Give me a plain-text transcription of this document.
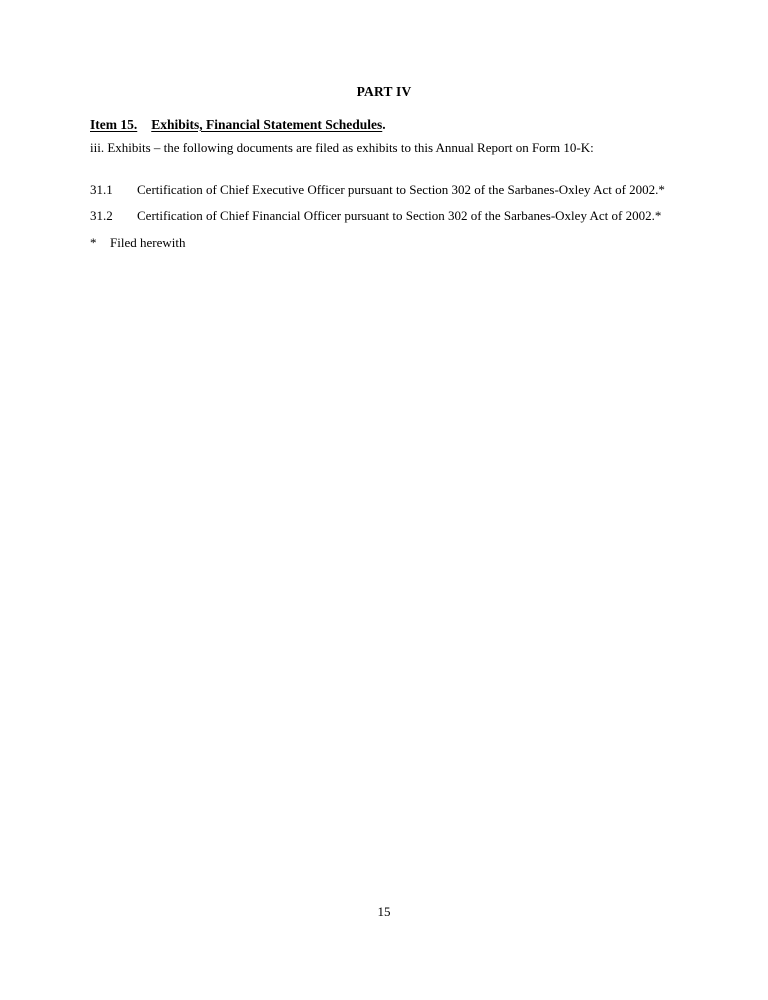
PART IV
Item 15. Exhibits, Financial Statement Schedules.

iii. Exhibits – the following documents are filed as exhibits to this Annual Report on Form 10-K:

31.1	Certification of Chief Executive Officer pursuant to Section 302 of the Sarbanes-Oxley Act of 2002.*
31.2	Certification of Chief Financial Officer pursuant to Section 302 of the Sarbanes-Oxley Act of 2002.*
*	Filed herewith
15
